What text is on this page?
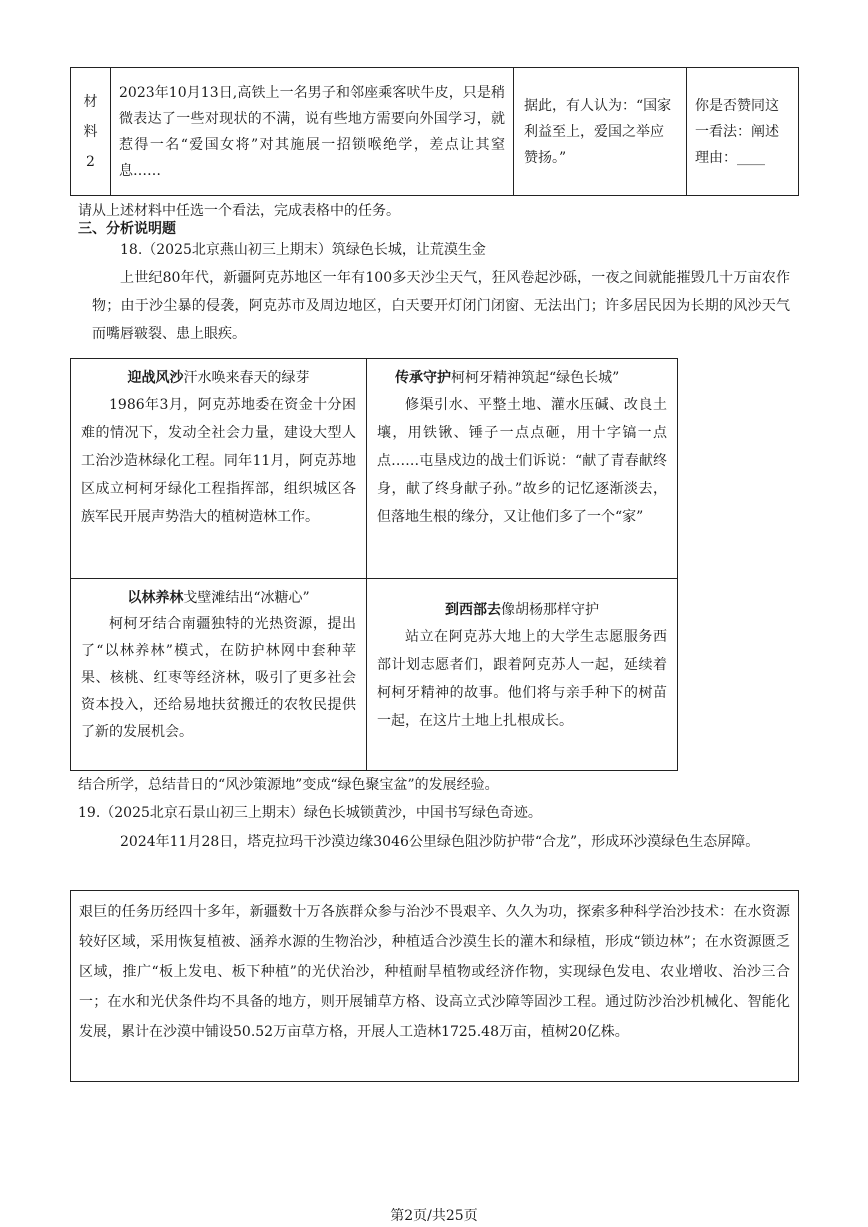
材
料
2
	2023年10月13日,高铁上一名男子和邻座乘客吠牛皮，只是稍微表达了一些对现状的不满，说有些地方需要向外国学习，就惹得一名“爱国女将”对其施展一招锁喉绝学，差点让其窒息……	据此，有人认为：“国家利益至上，爱国之举应赞扬。”	你是否赞同这一看法：阐述理由：____

请从上述材料中任选一个看法，完成表格中的任务。

三、分析说明题

18.（2025北京燕山初三上期末）筑绿色长城，让荒漠生金

上世纪80年代，新疆阿克苏地区一年有100多天沙尘天气，狂风卷起沙砾，一夜之间就能摧毁几十万亩农作物；由于沙尘暴的侵袭，阿克苏市及周边地区，白天要开灯闭门闭窗、无法出门；许多居民因为长期的风沙天气而嘴唇皲裂、患上眼疾。

迎战风沙汗水唤来春天的绿芽

1986年3月，阿克苏地委在资金十分困难的情况下，发动全社会力量，建设大型人工治沙造林绿化工程。同年11月，阿克苏地区成立柯柯牙绿化工程指挥部，组织城区各族军民开展声势浩大的植树造林工作。

传承守护柯柯牙精神筑起“绿色长城”

修渠引水、平整土地、灌水压碱、改良土壤，用铁锹、锤子一点点砸，用十字镐一点点……屯垦戍边的战士们诉说：“献了青春献终身，献了终身献子孙。”故乡的记忆逐渐淡去，但落地生根的缘分，又让他们多了一个“家”

以林养林戈壁滩结出“冰糖心”

柯柯牙结合南疆独特的光热资源，提出了“以林养林”模式，在防护林网中套种苹果、核桃、红枣等经济林，吸引了更多社会资本投入，还给易地扶贫搬迁的农牧民提供了新的发展机会。

到西部去像胡杨那样守护

站立在阿克苏大地上的大学生志愿服务西部计划志愿者们，跟着阿克苏人一起，延续着柯柯牙精神的故事。他们将与亲手种下的树苗一起，在这片土地上扎根成长。

结合所学，总结昔日的“风沙策源地”变成“绿色聚宝盆”的发展经验。

19.（2025北京石景山初三上期末）绿色长城锁黄沙，中国书写绿色奇迹。

2024年11月28日，塔克拉玛干沙漠边缘3046公里绿色阻沙防护带“合龙”，形成环沙漠绿色生态屏障。

艰巨的任务历经四十多年，新疆数十万各族群众参与治沙不畏艰辛、久久为功，探索多种科学治沙技术：在水资源较好区域，采用恢复植被、涵养水源的生物治沙，种植适合沙漠生长的灌木和绿植，形成“锁边林”；在水资源匮乏区域，推广“板上发电、板下种植”的光伏治沙，种植耐旱植物或经济作物，实现绿色发电、农业增收、治沙三合一；在水和光伏条件均不具备的地方，则开展铺草方格、设高立式沙障等固沙工程。通过防沙治沙机械化、智能化发展，累计在沙漠中铺设50.52万亩草方格，开展人工造林1725.48万亩，植树20亿株。

第2页/共25页
